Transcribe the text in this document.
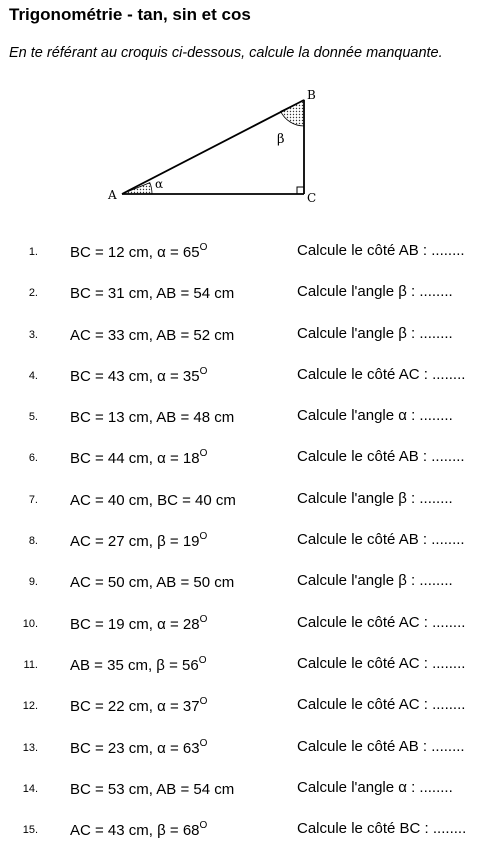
Trigonométrie - tan, sin et cos
En te référant au croquis ci-dessous, calcule la donnée manquante.
A
B
C
α
β
1. BC = 12 cm, $\alpha = 65^O$	Calcule le côté AB : ........
2. BC = 31 cm, AB = 54 cm	Calcule l'angle β : ........
3. AC = 33 cm, AB = 52 cm	Calcule l'angle β : ........
4. BC = 43 cm, $\alpha = 35^O$	Calcule le côté AC : ........
5. BC = 13 cm, AB = 48 cm	Calcule l'angle α : ........
6. BC = 44 cm, $\alpha = 18^O$	Calcule le côté AB : ........
7. AC = 40 cm, BC = 40 cm	Calcule l'angle β : ........
8. AC = 27 cm, $\beta = 19^O$	Calcule le côté AB : ........
9. AC = 50 cm, AB = 50 cm	Calcule l'angle β : ........
10. BC = 19 cm, $\alpha = 28^O$	Calcule le côté AC : ........
11. AB = 35 cm, $\beta = 56^O$	Calcule le côté AC : ........
12. BC = 22 cm, $\alpha = 37^O$	Calcule le côté AC : ........
13. BC = 23 cm, $\alpha = 63^O$	Calcule le côté AB : ........
14. BC = 53 cm, AB = 54 cm	Calcule l'angle α : ........
15. AC = 43 cm, $\beta = 68^O$	Calcule le côté BC : ........
